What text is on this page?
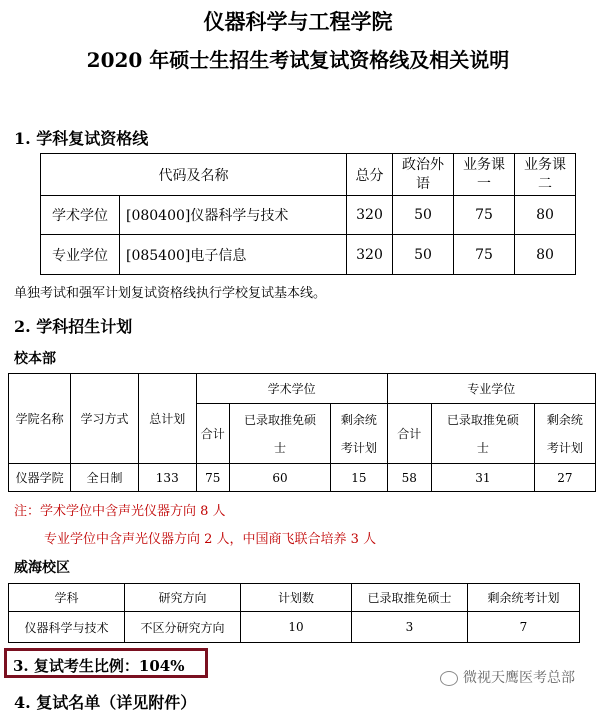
仪器科学与工程学院
2020 年硕士生招生考试复试资格线及相关说明
1. 学科复试资格线
代码及名称		总分	政治外语	业务课一	业务课二
学术学位	[080400]仪器科学与技术	320	50	75	80
专业学位	[085400]电子信息	320	50	75	80
单独考试和强军计划复试资格线执行学校复试基本线。
2. 学科招生计划
校本部
学院名称	学习方式	总计划	学术学位			专业学位		
			合计	已录取推免硕士	剩余统考计划	合计	已录取推免硕士	剩余统考计划

仪器学院	全日制	133	75	60	15	58	31	27
注：学术学位中含声光仪器方向 8 人
专业学位中含声光仪器方向 2 人，中国商飞联合培养 3 人
威海校区
学科	研究方向	计划数	已录取推免硕士	剩余统考计划
仪器科学与技术	不区分研究方向	10	3	7
3. 复试考生比例：104%
4. 复试名单（详见附件）
微视天鹰医考总部
